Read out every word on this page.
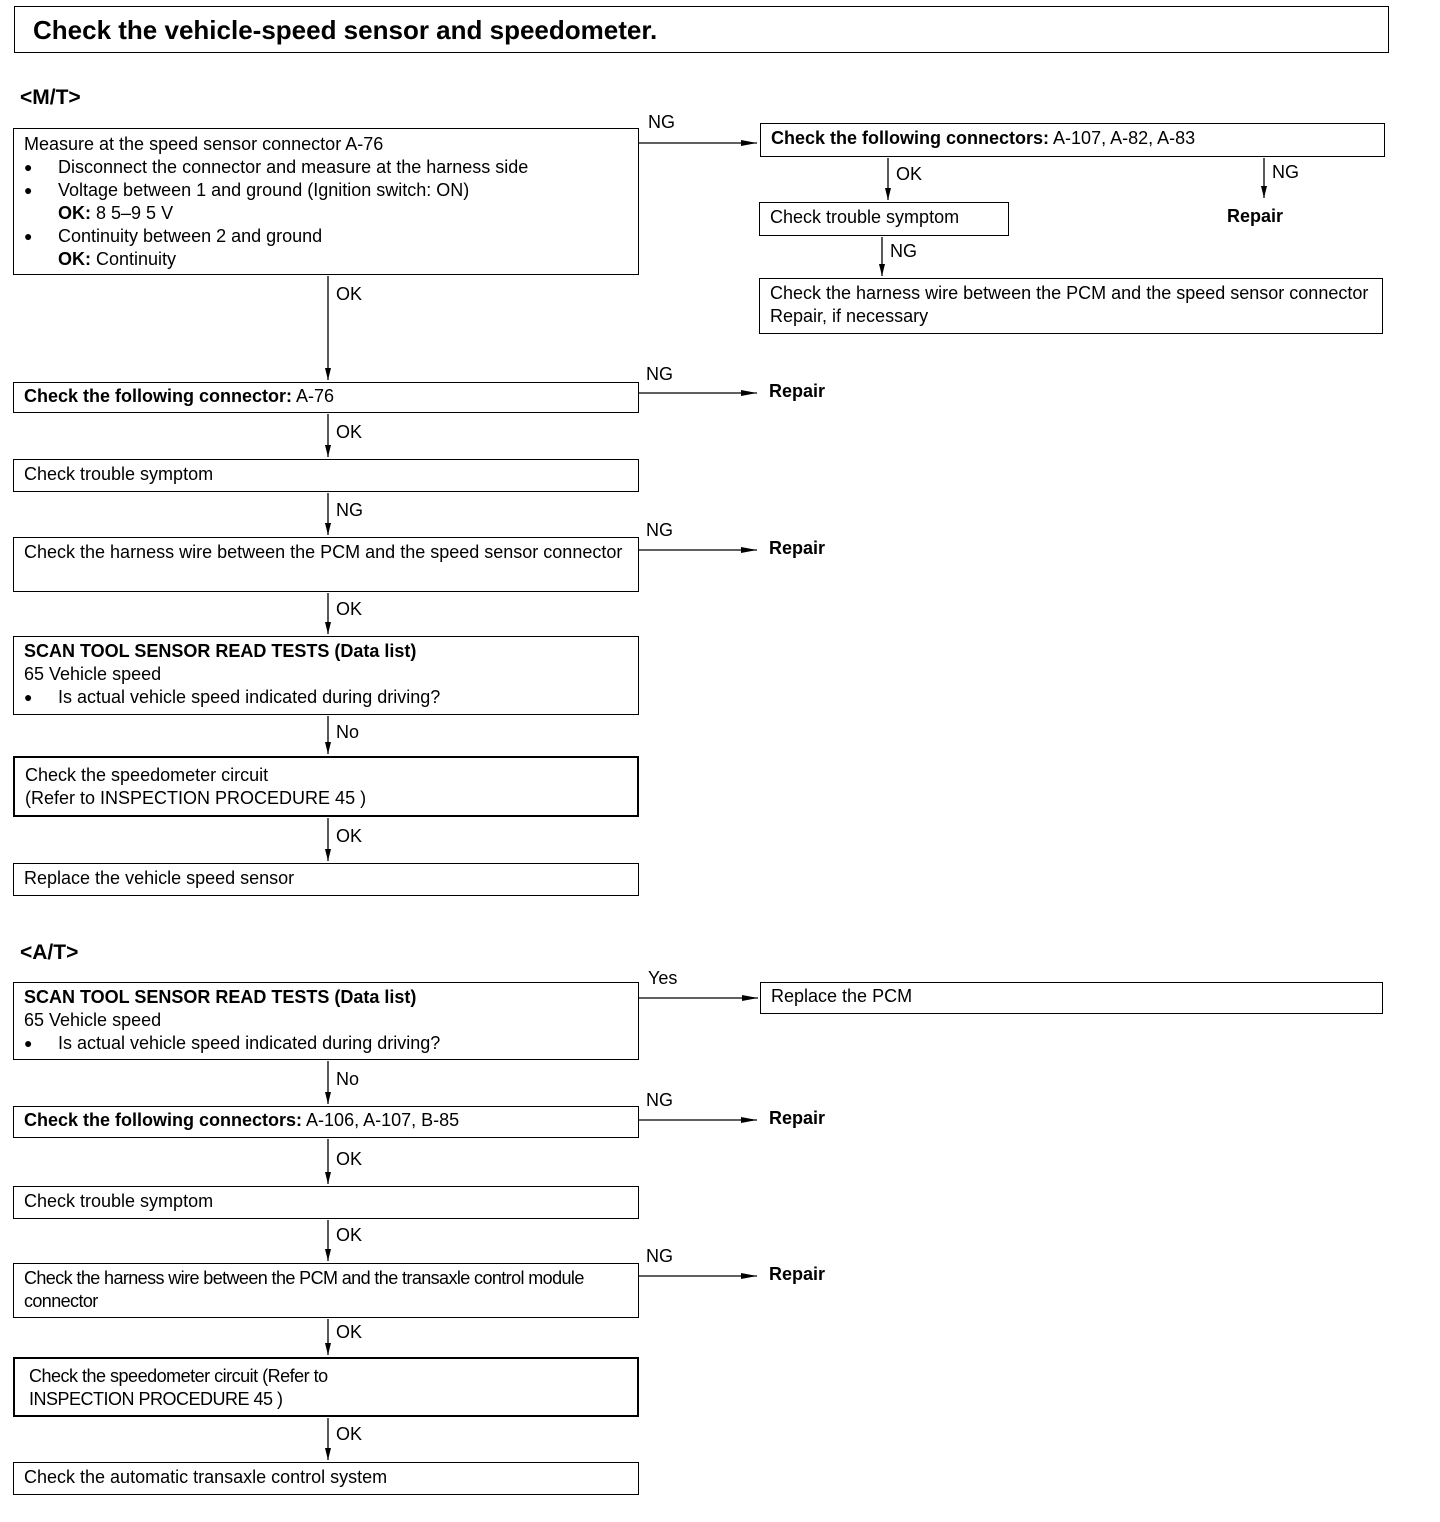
Check the vehicle-speed sensor and speedometer.
<M/T>
Measure at the speed sensor connector A-76
● Disconnect the connector and measure at the harness side
● Voltage between 1 and ground (Ignition switch: ON)
OK: 8 5–9 5 V
● Continuity between 2 and ground
OK: Continuity
Check the following connectors: A-107, A-82, A-83
Check trouble symptom
Check the harness wire between the PCM and the speed sensor connector Repair, if necessary
Repair
Check the following connector: A-76
Check trouble symptom
Check the harness wire between the PCM and the speed sensor connector
SCAN TOOL SENSOR READ TESTS (Data list)
65 Vehicle speed
● Is actual vehicle speed indicated during driving?
Check the speedometer circuit
(Refer to INSPECTION PROCEDURE 45 )
Replace the vehicle speed sensor
Repair
Repair
NG
OK	NG
NG
OK
NG
OK
NG
NG
OK
No
OK
<A/T>
SCAN TOOL SENSOR READ TESTS (Data list)
65 Vehicle speed
● Is actual vehicle speed indicated during driving?
Replace the PCM
Check the following connectors: A-106, A-107, B-85
Check trouble symptom
Check the harness wire between the PCM and the transaxle control module connector
Check the speedometer circuit (Refer to INSPECTION PROCEDURE 45 )
Check the automatic transaxle control system
Repair
Repair
Yes
No
NG
OK
OK
NG
OK
OK
